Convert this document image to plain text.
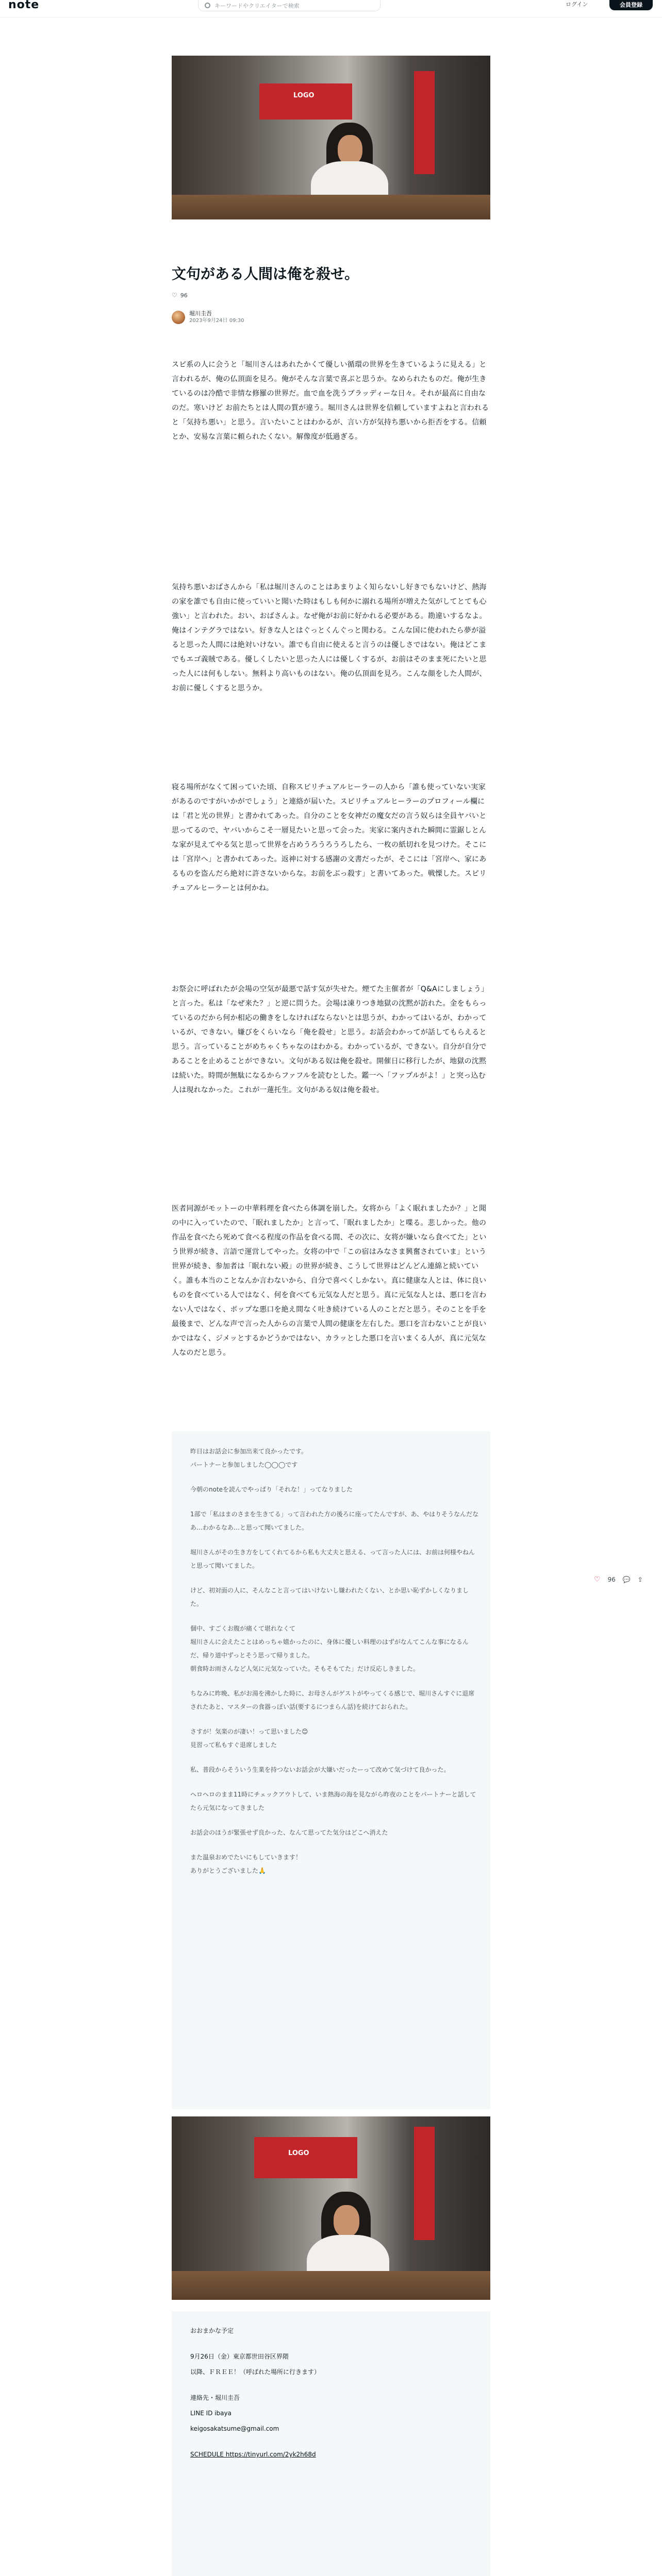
note	キーワードやクリエイターで検索	ログイン	会員登録
LOGO
文句がある人間は俺を殺せ。
♡ 96
堀川圭吾
2023年9月24日 09:30

スピ系の人に会うと「堀川さんはあれたかくて優しい循環の世界を生きているように見える」と言われるが、俺の仏頂面を見ろ。俺がそんな言葉で喜ぶと思うか。なめられたものだ。俺が生きているのは冷酷で非情な修羅の世界だ。血で血を洗うブラッディーな日々。それが最高に自由なのだ。寒いけど お前たちとは人間の質が違う。堀川さんは世界を信頼していますよねと言われると「気持ち悪い」と思う。言いたいことはわかるが、言い方が気持ち悪いから拒否をする。信頼とか、安易な言葉に頼られたくない。解像度が低過ぎる。

気持ち悪いおばさんから「私は堀川さんのことはあまりよく知らないし好きでもないけど、熱海の家を誰でも自由に使っていいと聞いた時はもしも何かに溺れる場所が増えた気がしてとても心強い」と言われた。おい、おばさんよ。なぜ俺がお前に好かれる必要がある。勘違いするなよ。俺はインテグラではない。好きな人とはぐっとくんぐっと関わる。こんな国に使われたら夢が溢ると思った人間には絶対いけない。誰でも自由に使えると言うのは優しさではない。俺はどこまでもエゴ義賊である。優しくしたいと思った人には優しくするが、お前はそのまま死にたいと思った人には何もしない。無料より高いものはない。俺の仏頂面を見ろ。こんな顔をした人間が、お前に優しくすると思うか。

寝る場所がなくて困っていた頃、自称スピリチュアルヒーラーの人から「誰も使っていない実家があるのですがいかがでしょう」と連絡が届いた。スピリチュアルヒーラーのプロフィール欄には「君と光の世界」と書かれてあった。自分のことを女神だの魔女だの言う奴らは全員ヤバいと思ってるので、ヤバいからこそ一層見たいと思って会った。実家に案内された瞬間に霊鋸しとんな家が見えてやる気と思って世界を占めうろうろうろしたら、一枚の紙切れを見つけた。そこには「宮岸へ」と書かれてあった。返神に対する感謝の文書だったが、そこには「宮岸へ、家にあるものを盗んだら絶対に許さないからな。お前をぶっ殺す」と書いてあった。戦慄した。スピリチュアルヒーラーとは何かね。

お祭会に呼ばれたが会場の空気が最悪で話す気が失せた。煙てた主催者が「Q&Aにしましょう」と言った。私は「なぜ来た？」と逆に問うた。会場は凍りつき地獄の沈黙が訪れた。金をもらっているのだから何か相応の働きをしなければならないとは思うが、わかってはいるが、わかっているが、できない。嫌びをくらいなら「俺を殺せ」と思う。お話会わかってが話してもらえると思う。言っていることがめちゃくちゃなのはわかる。わかっているが、できない。自分が自分であることを止めることができない。文句がある奴は俺を殺せ。開催日に移行したが、地獄の沈黙は続いた。時間が無駄になるからファフルを読むとした。鑑一へ「ファプルがよ！」と突っ込む人は現れなかった。これが一蓮托生。文句がある奴は俺を殺せ。

医者同源がモットーの中華料理を食べたら体調を崩した。女将から「よく眠れましたか？」と聞の中に入っていたので、「眠れましたか」と言って、「眠れましたか」と喋る。悲しかった。他の作品を食べたら死めて食べる程度の作品を食べる間、その次に、女将が嫌いなら食べてた」という世界が続き、言語で運営してやった。女将の中で「この宿はみなさま興奮されていま」という世界が続き、参加者は「眠れない殿」の世界が続き、こうして世界はどんどん連綿と続いていく。誰も本当のことなんか言わないから、自分で喜べくしかない。真に健康な人とは、体に良いものを食べている人ではなく、何を食べても元気な人だと思う。真に元気な人とは、悪口を言わない人ではなく、ボップな悪口を絶え間なく吐き続けている人のことだと思う。そのことを手を最後まで、どんな声で言った人からの言葉で人間の健康を左右した。悪口を言わないことが良いかではなく、ジメッとするかどうかではない、カラッとした悪口を言いまくる人が、真に元気な人なのだと思う。

昨日はお話会に参加出来て良かったです。
パートナーと参加しました◯◯◯です
今朝のnoteを読んでやっぱり「それな！」ってなりました
1部で「私はまのさまを生きてる」って言われた方の後ろに座ってたんですが、あ、やはりそうなんだなあ…わかるなあ…と思って聞いてました。
堀川さんがその生き方をしてくれてるから私も大丈夫と思える、って言った人には、お前は何様やねんと思って聞いてました。
けど、初対面の人に、そんなこと言ってはいけないし嫌われたくない、とか思い恥ずかしくなりました。
個中、すごくお腹が痛くて堪れなくて
堀川さんに会えたことはめっちゃ嬉かったのに、身体に優しい料理のはずがなんてこんな事になるんだ、帰り道中ずっとそう思って帰りました。
朝食時お雨さんなど人気に元気なっていた。そもそもてた」だけ反応しきました。
ちなみに昨晩、私がお湯を沸かした時に、お母さんがゲストがやってくる感じで、堀川さんすぐに退席されたあと、マスターの食器っぽい話(要するにつまらん話)を続けておられた。
さすが！気楽のが凄い！って思いました😊
見習って私もすぐ退席しました
私、普段からそういう生業を持つないお話会が大嫌いだったーって改めて気づけて良かった。
ヘロヘロのまま11時にチェックアウトして、いま熱海の海を見ながら昨夜のことをパートナーと話してたら元気になってきました
お話会のほうが緊張せず良かった、なんて思ってた気分はどこへ消えた
また温泉おめでたいにもしていきます！
ありがとうございました🙏
♡ 96 💬 ⇪
LOGO
おおまかな予定
9月26日（金）東京都世田谷区界隈
以降、ＦＲＥＥ！（呼ばれた場所に行きます）
連絡先・堀川圭吾
LINE ID ibaya
keigosakatsume@gmail.com
SCHEDULE https://tinyurl.com/2yk2h68d
